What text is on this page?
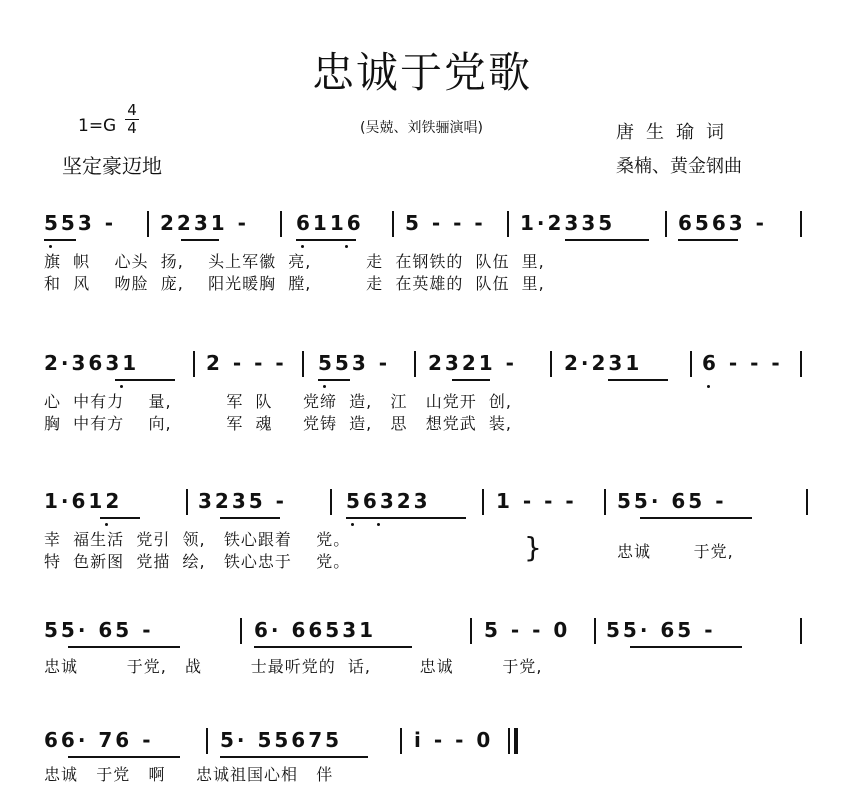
忠诚于党歌
1=G
4
4
坚定豪迈地
(吴兢、刘铁骊演唱)	唐生瑜词
桑楠、黄金钢曲
553 - 2231 - 6116 5 - - - 1·2335	6563 -
旗  帜    心头  扬,    头上军徽  亮,         走  在钢铁的  队伍  里,
和  风    吻脸  庞,    阳光暖胸  膛,         走  在英雄的  队伍  里,
2·3631	2 - - - 553 - 2321 - 2·231	6 - - -
心  中有力    量,         军  队     党缔  造,   江   山党开  创,
胸  中有方    向,         军  魂     党铸  造,   思   想党武  装,
1·612	3235 -	56323	1 - - - 55· 65 -
幸  福生活  党引  领,   铁心跟着    党。
特  色新图  党描  绘,   铁心忠于    党。	}	忠诚       于党,
55· 65 -	6· 66531	5 - - 0 55· 65 -
忠诚        于党,   战        士最听党的  话,        忠诚        于党,
66· 76 -	5· 55675	i - - 0
忠诚   于党   啊     忠诚祖国心相   伴
